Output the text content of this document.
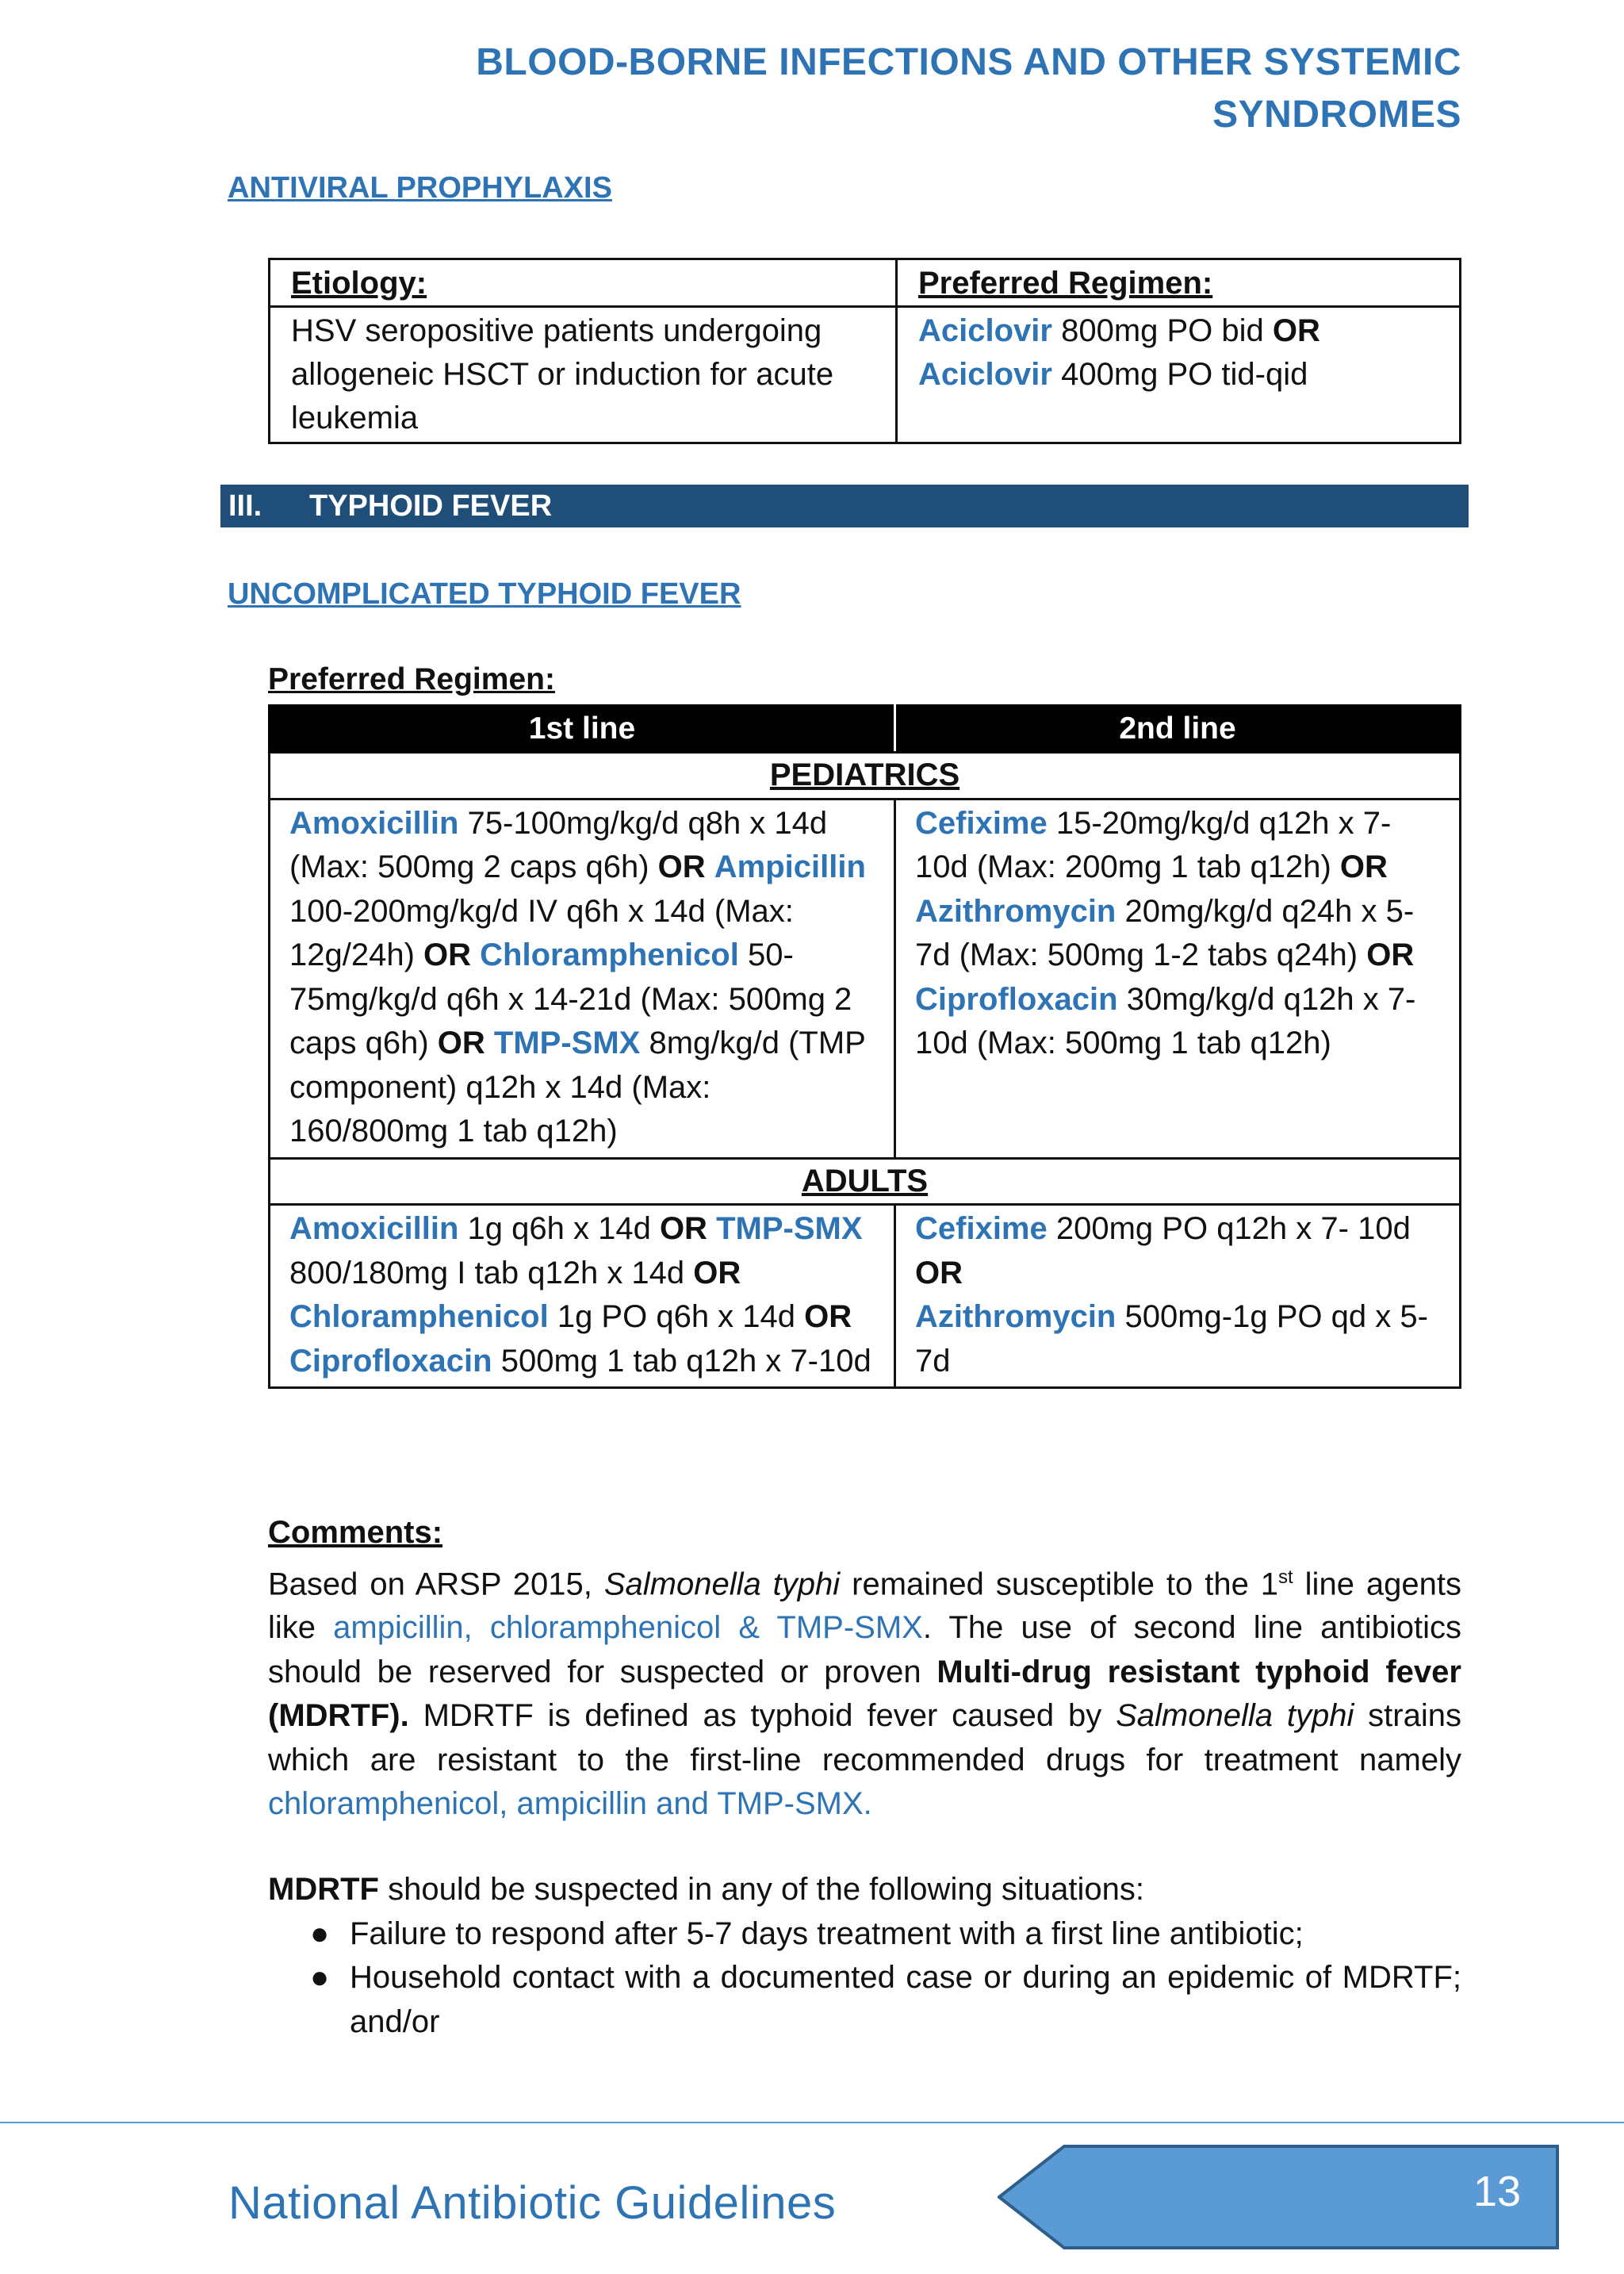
BLOOD-BORNE INFECTIONS AND OTHER SYSTEMIC
SYNDROMES
ANTIVIRAL PROPHYLAXIS
Etiology:	Preferred Regimen:
HSV seropositive patients undergoing allogeneic HSCT or induction for acute leukemia	Aciclovir 800mg PO bid OR
Aciclovir 400mg PO tid-qid
III. TYPHOID FEVER
UNCOMPLICATED TYPHOID FEVER
Preferred Regimen:
1st line	2nd line
PEDIATRICS	
Amoxicillin 75-100mg/kg/d q8h x 14d (Max: 500mg 2 caps q6h) OR Ampicillin 100-200mg/kg/d IV q6h x 14d (Max: 12g/24h) OR Chloramphenicol 50-75mg/kg/d q6h x 14-21d (Max: 500mg 2 caps q6h) OR TMP-SMX 8mg/kg/d (TMP component) q12h x 14d (Max: 160/800mg 1 tab q12h)	Cefixime 15-20mg/kg/d q12h x 7-10d (Max: 200mg 1 tab q12h) OR Azithromycin 20mg/kg/d q24h x 5-7d (Max: 500mg 1-2 tabs q24h) OR Ciprofloxacin 30mg/kg/d q12h x 7-10d (Max: 500mg 1 tab q12h)
ADULTS	
Amoxicillin 1g q6h x 14d OR TMP-SMX 800/180mg I tab q12h x 14d OR Chloramphenicol 1g PO q6h x 14d OR Ciprofloxacin 500mg 1 tab q12h x 7-10d	Cefixime 200mg PO q12h x 7- 10d
OR
Azithromycin 500mg-1g PO qd x 5-7d
Comments:
Based on ARSP 2015, Salmonella typhi remained susceptible to the 1st line agents like ampicillin, chloramphenicol & TMP-SMX. The use of second line antibiotics should be reserved for suspected or proven Multi-drug resistant typhoid fever (MDRTF). MDRTF is defined as typhoid fever caused by Salmonella typhi strains which are resistant to the first-line recommended drugs for treatment namely chloramphenicol, ampicillin and TMP-SMX.
MDRTF should be suspected in any of the following situations:
● Failure to respond after 5-7 days treatment with a first line antibiotic;
● Household contact with a documented case or during an epidemic of MDRTF; and/or
National Antibiotic Guidelines	13
